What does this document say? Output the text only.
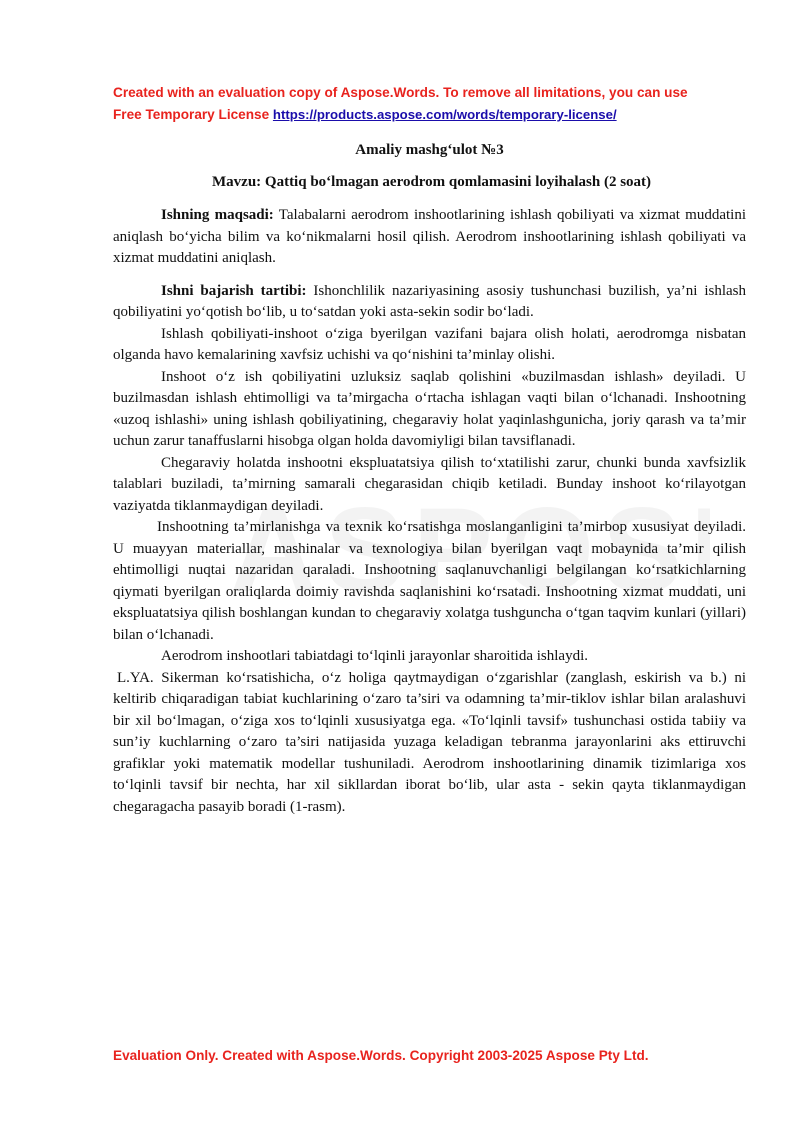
Created with an evaluation copy of Aspose.Words. To remove all limitations, you can use
Free Temporary License https://products.aspose.com/words/temporary-license/
Amaliy mashg‘ulot №3
Mavzu: Qattiq bo‘lmagan aerodrom qomlamasini loyihalash (2 soat)

Ishning maqsadi: Talabalarni aerodrom inshootlarining ishlash qobiliyati va xizmat muddatini aniqlash bo‘yicha bilim va ko‘nikmalarni hosil qilish. Aerodrom inshootlarining ishlash qobiliyati va xizmat muddatini aniqlash.

Ishni bajarish tartibi: Ishonchlilik nazariyasining asosiy tushunchasi buzilish, ya’ni ishlash qobiliyatini yo‘qotish bo‘lib, u to‘satdan yoki asta-sekin sodir bo‘ladi.

Ishlash qobiliyati-inshoot o‘ziga byerilgan vazifani bajara olish holati, aerodromga nisbatan olganda havo kemalarining xavfsiz uchishi va qo‘nishini ta’minlay olishi.

Inshoot o‘z ish qobiliyatini uzluksiz saqlab qolishini «buzilmasdan ishlash» deyiladi. U buzilmasdan ishlash ehtimolligi va ta’mirgacha o‘rtacha ishlagan vaqti bilan o‘lchanadi. Inshootning «uzoq ishlashi» uning ishlash qobiliyatining, chegaraviy holat yaqinlashgunicha, joriy qarash va ta’mir uchun zarur tanaffuslarni hisobga olgan holda davomiyligi bilan tavsiflanadi.

Chegaraviy holatda inshootni ekspluatatsiya qilish to‘xtatilishi zarur, chunki bunda xavfsizlik talablari buziladi, ta’mirning samarali chegarasidan chiqib ketiladi. Bunday inshoot ko‘rilayotgan vaziyatda tiklanmaydigan deyiladi.

Inshootning ta’mirlanishga va texnik ko‘rsatishga moslanganligini ta’mirbop xususiyat deyiladi. U muayyan materiallar, mashinalar va texnologiya bilan byerilgan vaqt mobaynida ta’mir qilish ehtimolligi nuqtai nazaridan qaraladi. Inshootning saqlanuvchanligi belgilangan ko‘rsatkichlarning qiymati byerilgan oraliqlarda doimiy ravishda saqlanishini ko‘rsatadi. Inshootning xizmat muddati, uni ekspluatatsiya qilish boshlangan kundan to chegaraviy xolatga tushguncha o‘tgan taqvim kunlari (yillari) bilan o‘lchanadi.

Aerodrom inshootlari tabiatdagi to‘lqinli jarayonlar sharoitida ishlaydi.

L.YA. Sikerman ko‘rsatishicha, o‘z holiga qaytmaydigan o‘zgarishlar (zanglash, eskirish va b.) ni keltirib chiqaradigan tabiat kuchlarining o‘zaro ta’siri va odamning ta’mir-tiklov ishlar bilan aralashuvi bir xil bo‘lmagan, o‘ziga xos to‘lqinli xususiyatga ega. «To‘lqinli tavsif» tushunchasi ostida tabiiy va sun’iy kuchlarning o‘zaro ta’siri natijasida yuzaga keladigan tebranma jarayonlarini aks ettiruvchi grafiklar yoki matematik modellar tushuniladi. Aerodrom inshootlarining dinamik tizimlariga xos to‘lqinli tavsif bir nechta, har xil sikllardan iborat bo‘lib, ular asta - sekin qayta tiklanmaydigan chegaragacha pasayib boradi (1-rasm).

Evaluation Only. Created with Aspose.Words. Copyright 2003-2025 Aspose Pty Ltd.
